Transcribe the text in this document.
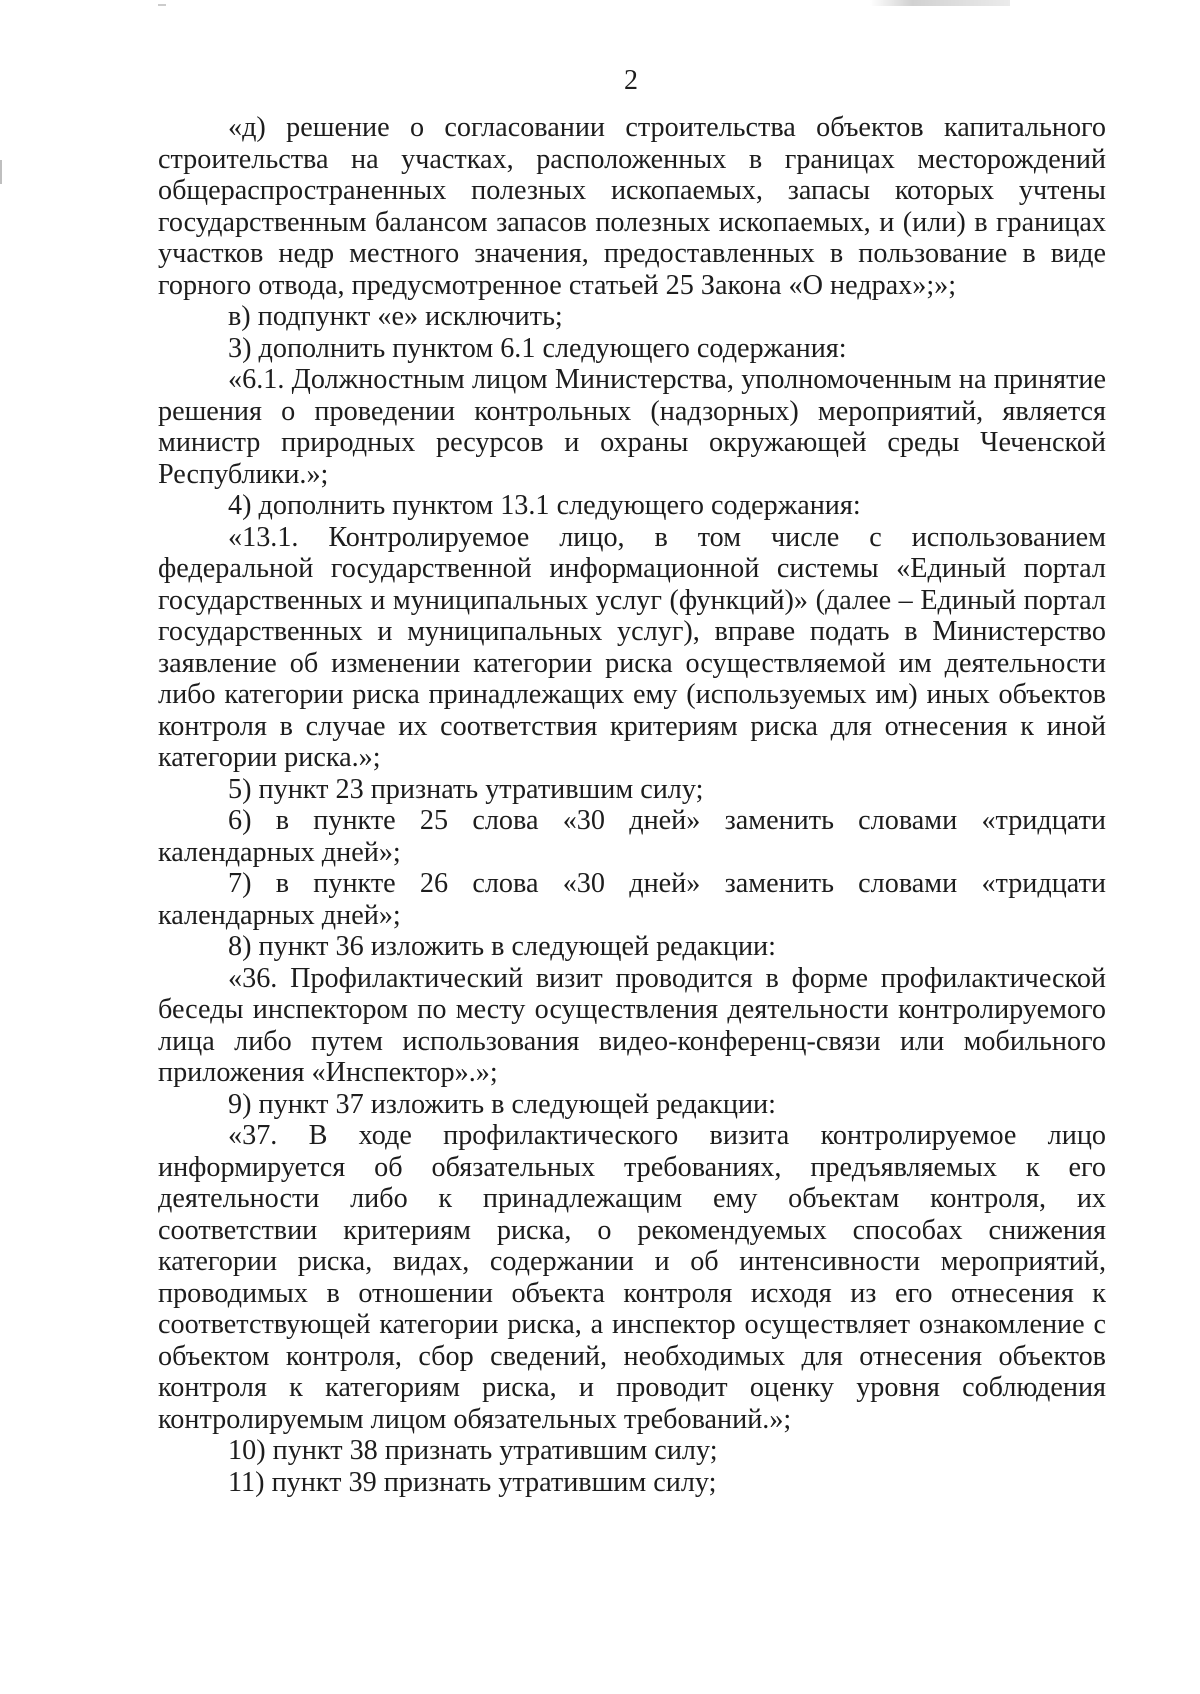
2

«д) решение о согласовании строительства объектов капитального строительства на участках, расположенных в границах месторождений общераспространенных полезных ископаемых, запасы которых учтены государственным балансом запасов полезных ископаемых, и (или) в границах участков недр местного значения, предоставленных в пользование в виде горного отвода, предусмотренное статьей 25 Закона «О недрах»;»;

в) подпункт «е» исключить;

3) дополнить пунктом 6.1 следующего содержания:

«6.1. Должностным лицом Министерства, уполномоченным на принятие решения о проведении контрольных (надзорных) мероприятий, является министр природных ресурсов и охраны окружающей среды Чеченской Республики.»;

4) дополнить пунктом 13.1 следующего содержания:

«13.1. Контролируемое лицо, в том числе с использованием федеральной государственной информационной системы «Единый портал государственных и муниципальных услуг (функций)» (далее – Единый портал государственных и муниципальных услуг), вправе подать в Министерство заявление об изменении категории риска осуществляемой им деятельности либо категории риска принадлежащих ему (используемых им) иных объектов контроля в случае их соответствия критериям риска для отнесения к иной категории риска.»;

5) пункт 23 признать утратившим силу;

6) в пункте 25 слова «30 дней» заменить словами «тридцати календарных дней»;

7) в пункте 26 слова «30 дней» заменить словами «тридцати календарных дней»;

8) пункт 36 изложить в следующей редакции:

«36. Профилактический визит проводится в форме профилактической беседы инспектором по месту осуществления деятельности контролируемого лица либо путем использования видео-конференц-связи или мобильного приложения «Инспектор».»;

9) пункт 37 изложить в следующей редакции:

«37. В ходе профилактического визита контролируемое лицо информируется об обязательных требованиях, предъявляемых к его деятельности либо к принадлежащим ему объектам контроля, их соответствии критериям риска, о рекомендуемых способах снижения категории риска, видах, содержании и об интенсивности мероприятий, проводимых в отношении объекта контроля исходя из его отнесения к соответствующей категории риска, а инспектор осуществляет ознакомление с объектом контроля, сбор сведений, необходимых для отнесения объектов контроля к категориям риска, и проводит оценку уровня соблюдения контролируемым лицом обязательных требований.»;

10) пункт 38 признать утратившим силу;

11) пункт 39 признать утратившим силу;
